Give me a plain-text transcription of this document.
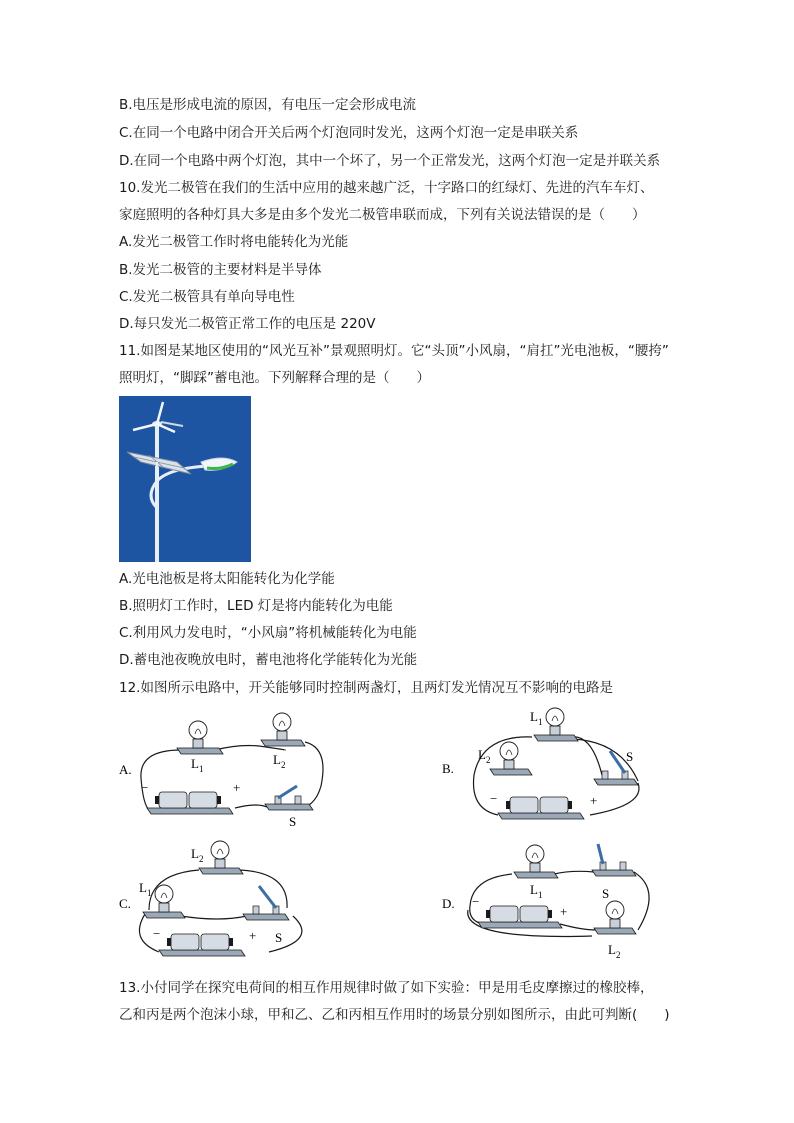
B.电压是形成电流的原因，有电压一定会形成电流
C.在同一个电路中闭合开关后两个灯泡同时发光，这两个灯泡一定是串联关系
D.在同一个电路中两个灯泡，其中一个坏了，另一个正常发光，这两个灯泡一定是并联关系
10.发光二极管在我们的生活中应用的越来越广泛，十字路口的红绿灯、先进的汽车车灯、
家庭照明的各种灯具大多是由多个发光二极管串联而成，下列有关说法错误的是（　　）
A.发光二极管工作时将电能转化为光能
B.发光二极管的主要材料是半导体
C.发光二极管具有单向导电性
D.每只发光二极管正常工作的电压是 220V
11.如图是某地区使用的“风光互补”景观照明灯。它“头顶”小风扇，“肩扛”光电池板，“腰挎”
照明灯，“脚踩”蓄电池。下列解释合理的是（　　）
A.光电池板是将太阳能转化为化学能
B.照明灯工作时，LED 灯是将内能转化为电能
C.利用风力发电时，“小风扇”将机械能转化为电能
D.蓄电池夜晚放电时，蓄电池将化学能转化为光能
12.如图所示电路中，开关能够同时控制两盏灯，且两灯发光情况互不影响的电路是
A.	L 1
L 2
−	+
S
B.
L 1
L 2	S
−	+
C.
L 2
L 1
S
−	+
D.
L 1	S
L 2
−
+
13.小付同学在探究电荷间的相互作用规律时做了如下实验：甲是用毛皮摩擦过的橡胶棒，
乙和丙是两个泡沫小球，甲和乙、乙和丙相互作用时的场景分别如图所示，由此可判断(　　)
